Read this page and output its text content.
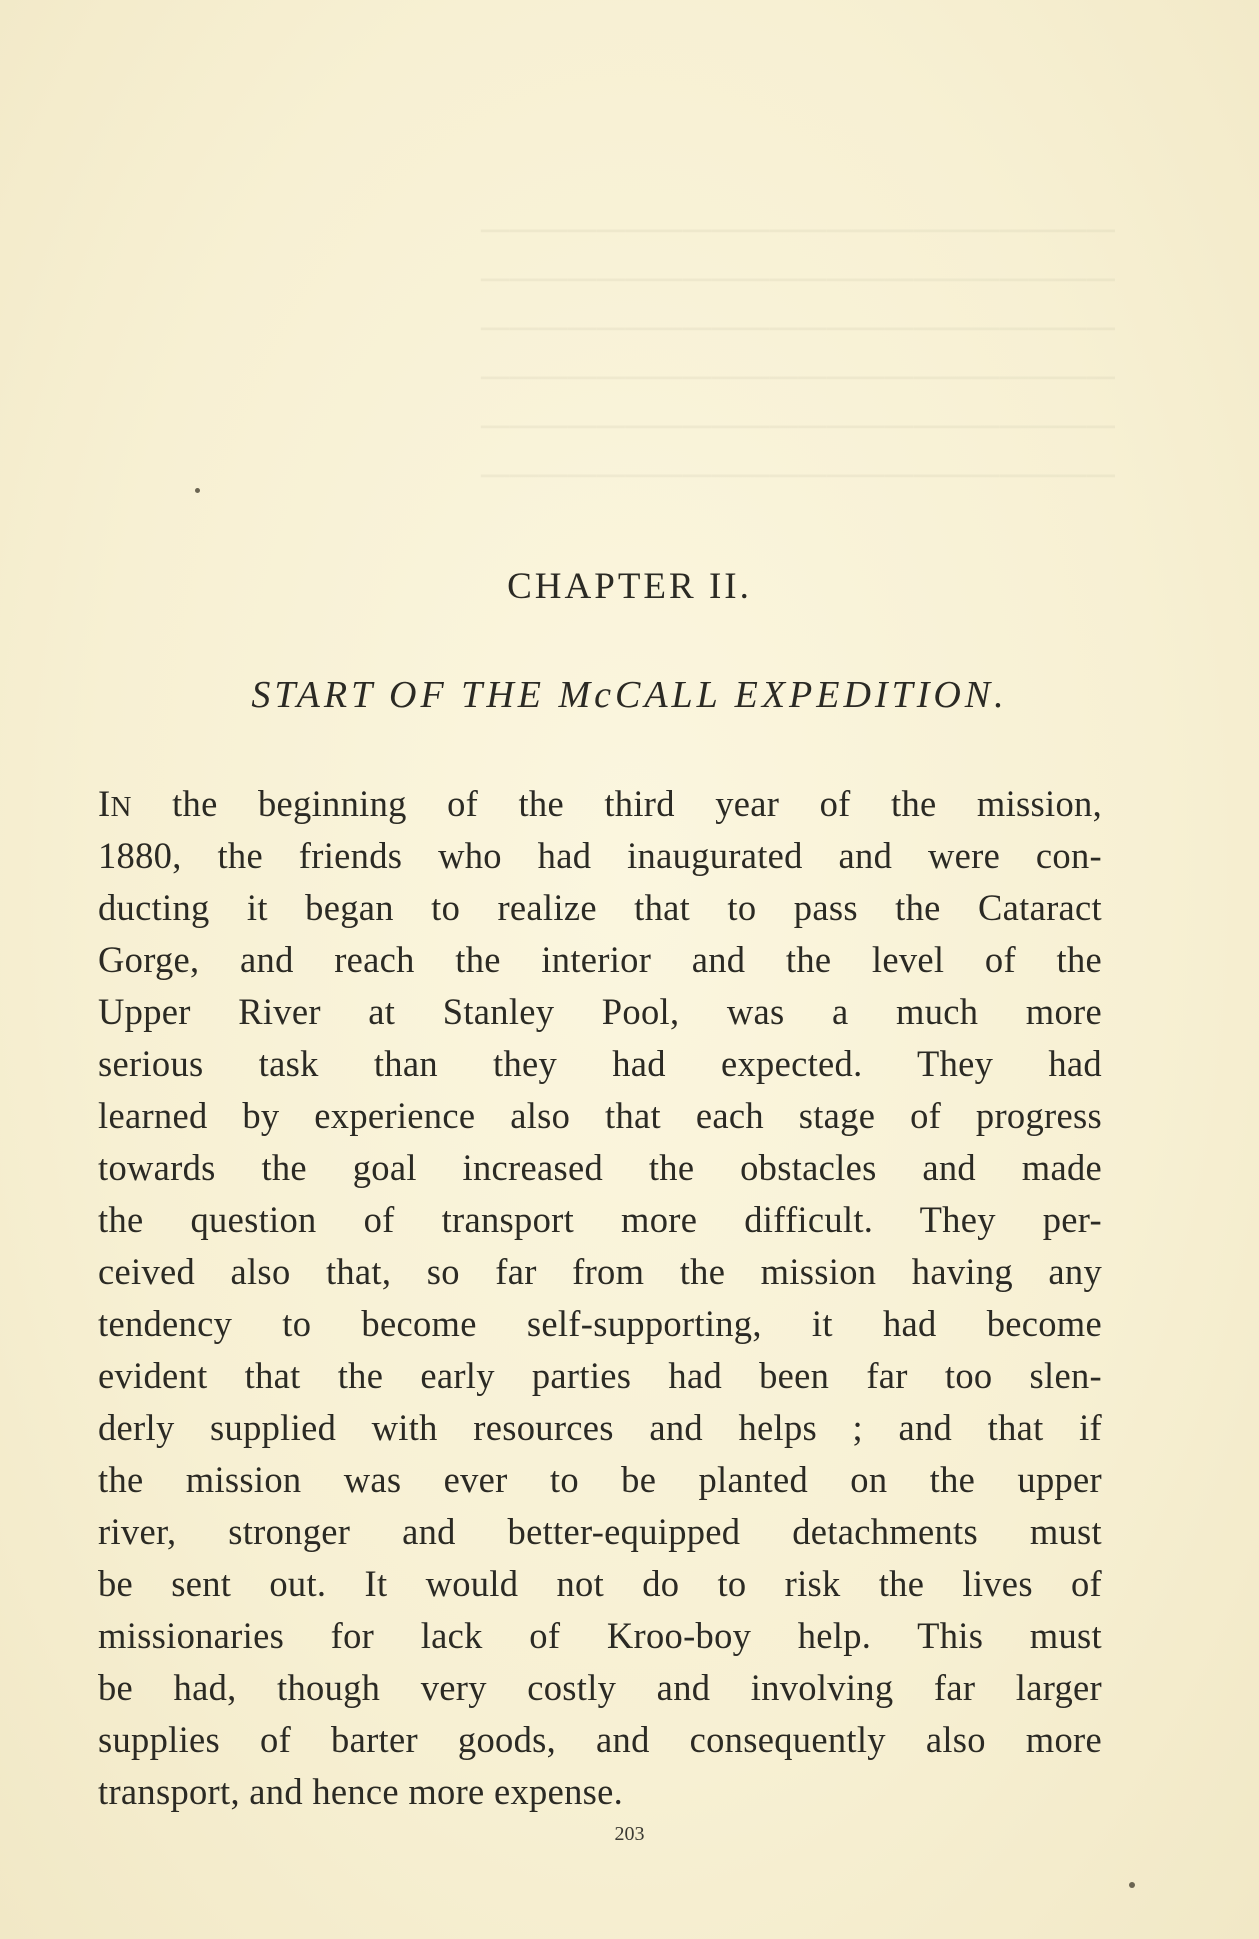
──────────────────────
──────────────────────
──────────────────────
──────────────────────
──────────────────────
──────────────────────
CHAPTER II.
START OF THE McCALL EXPEDITION.
IN the beginning of the third year of the mission,
1880, the friends who had inaugurated and were con-
ducting it began to realize that to pass the Cataract
Gorge, and reach the interior and the level of the
Upper River at Stanley Pool, was a much more
serious task than they had expected. They had
learned by experience also that each stage of progress
towards the goal increased the obstacles and made
the question of transport more difficult. They per-
ceived also that, so far from the mission having any
tendency to become self-supporting, it had become
evident that the early parties had been far too slen-
derly supplied with resources and helps ; and that if
the mission was ever to be planted on the upper
river, stronger and better-equipped detachments must
be sent out. It would not do to risk the lives of
missionaries for lack of Kroo-boy help. This must
be had, though very costly and involving far larger
supplies of barter goods, and consequently also more
transport, and hence more expense.
203
